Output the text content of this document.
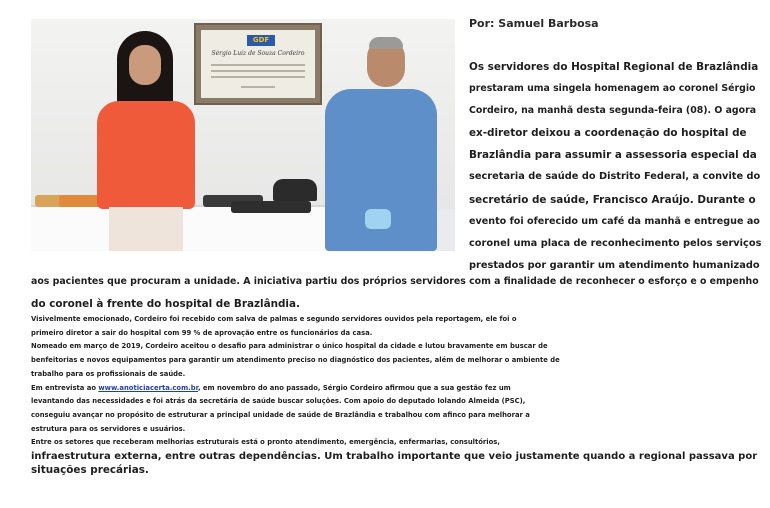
GDF
Sérgio Luiz de Souza Cordeiro
Por: Samuel Barbosa
Os servidores do Hospital Regional de Brazlândia
prestaram uma singela homenagem ao coronel Sérgio
Cordeiro, na manhã desta segunda-feira (08). O agora
ex-diretor deixou a coordenação do hospital de
Brazlândia para assumir a assessoria especial da
secretaria de saúde do Distrito Federal, a convite do
secretário de saúde, Francisco Araújo. Durante o
evento foi oferecido um café da manhã e entregue ao
coronel uma placa de reconhecimento pelos serviços
prestados por garantir um atendimento humanizado
aos pacientes que procuram a unidade. A iniciativa partiu dos próprios servidores com a finalidade de reconhecer o esforço e o empenho
do coronel à frente do hospital de Brazlândia.
Visivelmente emocionado, Cordeiro foi recebido com salva de palmas e segundo servidores ouvidos pela reportagem, ele foi o
primeiro diretor a sair do hospital com 99 % de aprovação entre os funcionários da casa.
Nomeado em março de 2019, Cordeiro aceitou o desafio para administrar o único hospital da cidade e lutou bravamente em buscar de
benfeitorias e novos equipamentos para garantir um atendimento preciso no diagnóstico dos pacientes, além de melhorar o ambiente de
trabalho para os profissionais de saúde.
Em entrevista ao www.anoticiacerta.com.br, em novembro do ano passado, Sérgio Cordeiro afirmou que a sua gestão fez um
levantando das necessidades e foi atrás da secretária de saúde buscar soluções. Com apoio do deputado Iolando Almeida (PSC),
conseguiu avançar no propósito de estruturar a principal unidade de saúde de Brazlândia e trabalhou com afinco para melhorar a
estrutura para os servidores e usuários.
Entre os setores que receberam melhorias estruturais está o pronto atendimento, emergência, enfermarias, consultórios,
infraestrutura externa, entre outras dependências. Um trabalho importante que veio justamente quando a regional passava por
situações precárias.
